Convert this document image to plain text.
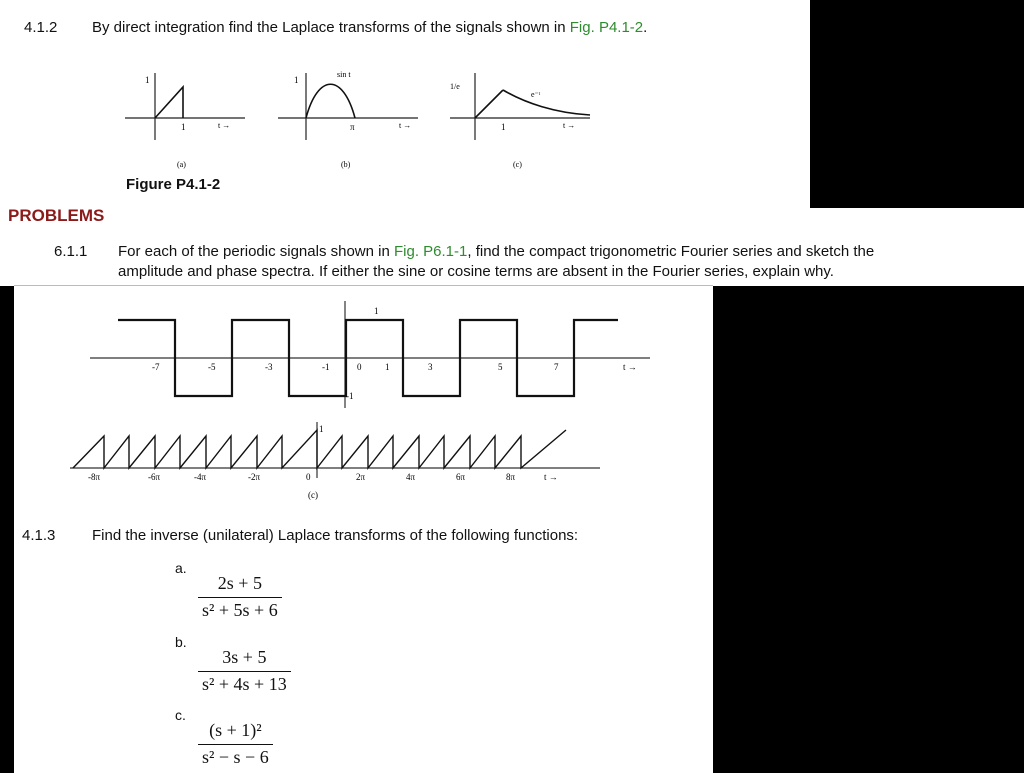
4.1.2 By direct integration find the Laplace transforms of the signals shown in Fig. P4.1-2.
1
1	t →
(a)
1
sin t
π	t →
(b)
1/e
e⁻ᵗ
1	t →
(c)
Figure P4.1-2
PROBLEMS
6.1.1 For each of the periodic signals shown in Fig. P6.1-1, find the compact trigonometric Fourier series and sketch the
amplitude and phase spectra. If either the sine or cosine terms are absent in the Fourier series, explain why.
-7	-5	-3	-1	0	1	3	5	7
1
-1
t →
-8π	-6π	-4π	-2π	0	2π	4π	6π	8π
1
t →
(c)
4.1.3 Find the inverse (unilateral) Laplace transforms of the following functions:
a.
$\frac{2s + 5}{\text{s² + 5s + 6}}$
b.
$\frac{3s + 5}{\text{s² + 4s + 13}}$
c.
$\frac{\text{(s + 1)²}}{\text{s² − s − 6}}$
